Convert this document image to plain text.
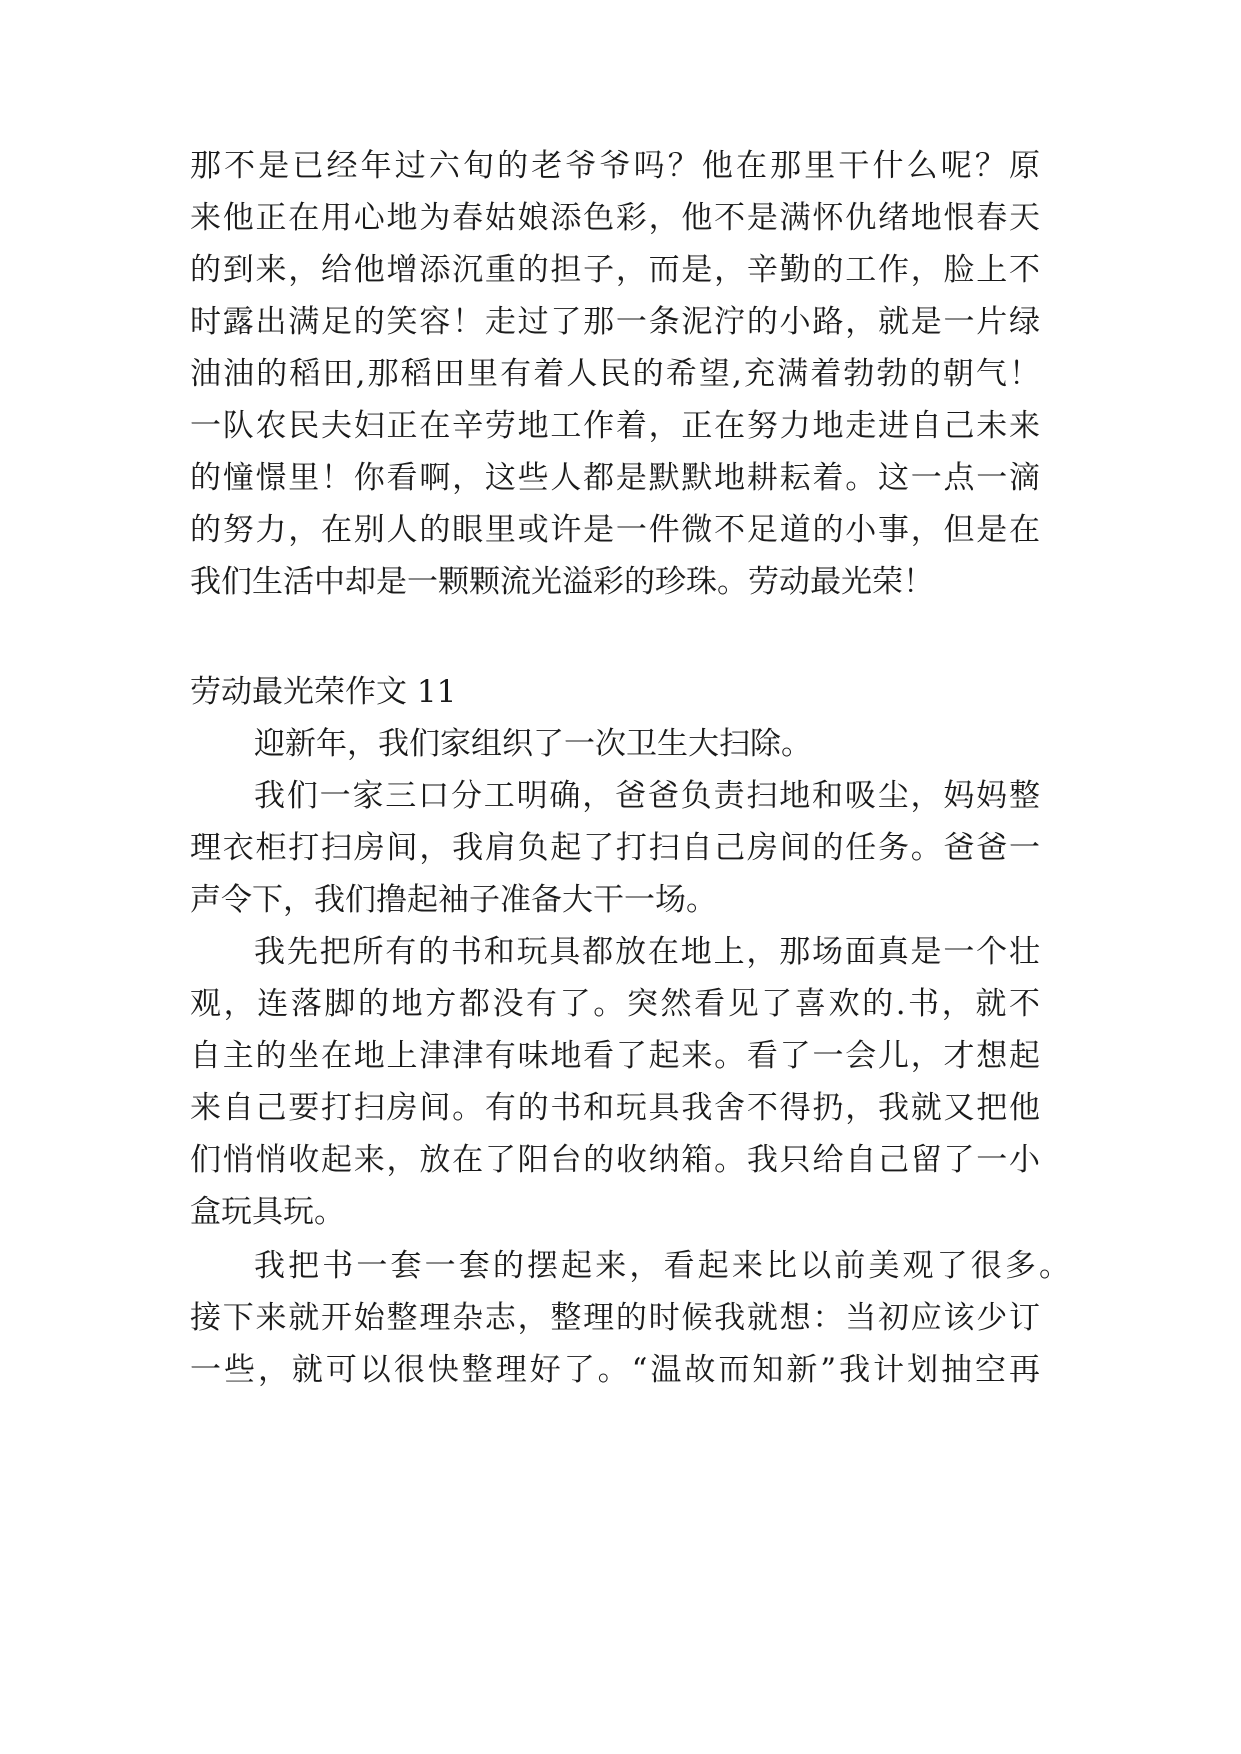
那不是已经年过六旬的老爷爷吗？他在那里干什么呢？原
来他正在用心地为春姑娘添色彩，他不是满怀仇绪地恨春天
的到来，给他增添沉重的担子，而是，辛勤的工作，脸上不
时露出满足的笑容！走过了那一条泥泞的小路，就是一片绿
油油的稻田,那稻田里有着人民的希望,充满着勃勃的朝气！
一队农民夫妇正在辛劳地工作着，正在努力地走进自己未来
的憧憬里！你看啊，这些人都是默默地耕耘着。这一点一滴
的努力，在别人的眼里或许是一件微不足道的小事，但是在
我们生活中却是一颗颗流光溢彩的珍珠。劳动最光荣！
劳动最光荣作文 11
迎新年，我们家组织了一次卫生大扫除。
我们一家三口分工明确，爸爸负责扫地和吸尘，妈妈整
理衣柜打扫房间，我肩负起了打扫自己房间的任务。爸爸一
声令下，我们撸起袖子准备大干一场。
我先把所有的书和玩具都放在地上，那场面真是一个壮
观，连落脚的地方都没有了。突然看见了喜欢的.书，就不
自主的坐在地上津津有味地看了起来。看了一会儿，才想起
来自己要打扫房间。有的书和玩具我舍不得扔，我就又把他
们悄悄收起来，放在了阳台的收纳箱。我只给自己留了一小
盒玩具玩。
我把书一套一套的摆起来，看起来比以前美观了很多。
接下来就开始整理杂志，整理的时候我就想：当初应该少订
一些，就可以很快整理好了。“温故而知新”我计划抽空再
